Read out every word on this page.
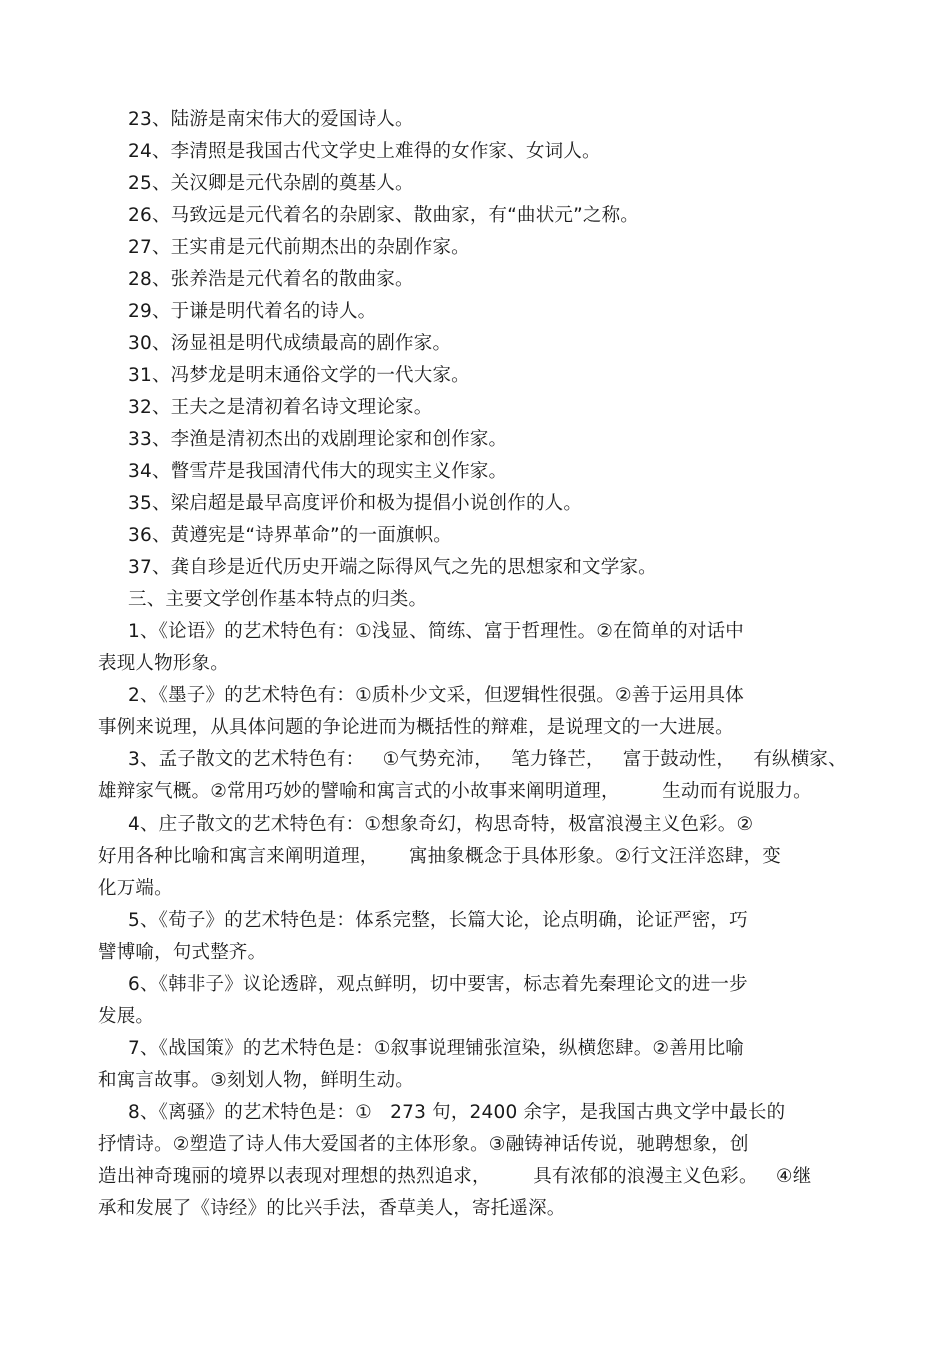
23、陆游是南宋伟大的爱国诗人。
24、李清照是我国古代文学史上难得的女作家、女词人。
25、关汉卿是元代杂剧的奠基人。
26、马致远是元代着名的杂剧家、散曲家，有“曲状元”之称。
27、王实甫是元代前期杰出的杂剧作家。
28、张养浩是元代着名的散曲家。
29、于谦是明代着名的诗人。
30、汤显祖是明代成绩最高的剧作家。
31、冯梦龙是明末通俗文学的一代大家。
32、王夫之是清初着名诗文理论家。
33、李渔是清初杰出的戏剧理论家和创作家。
34、瞥雪芹是我国清代伟大的现实主义作家。
35、梁启超是最早高度评价和极为提倡小说创作的人。
36、黄遵宪是“诗界革命”的一面旗帜。
37、龚自珍是近代历史开端之际得风气之先的思想家和文学家。
三、主要文学创作基本特点的归类。
1、《论语》的艺术特色有：①浅显、简练、富于哲理性。②在简单的对话中
表现人物形象。
2、《墨子》的艺术特色有：①质朴少文采，但逻辑性很强。②善于运用具体
事例来说理，从具体问题的争论进而为概括性的辩难，是说理文的一大进展。
3、孟子散文的艺术特色有：   ①气势充沛，   笔力锋芒，   富于鼓动性，   有纵横家、
雄辩家气概。②常用巧妙的譬喻和寓言式的小故事来阐明道理，       生动而有说服力。
4、庄子散文的艺术特色有：①想象奇幻，构思奇特，极富浪漫主义色彩。②
好用各种比喻和寓言来阐明道理，     寓抽象概念于具体形象。②行文汪洋恣肆，变
化万端。
5、《荀子》的艺术特色是：体系完整，长篇大论，论点明确，论证严密，巧
譬博喻，句式整齐。
6、《韩非子》议论透辟，观点鲜明，切中要害，标志着先秦理论文的进一步
发展。
7、《战国策》的艺术特色是：①叙事说理铺张渲染，纵横您肆。②善用比喻
和寓言故事。③刻划人物，鲜明生动。
8、《离骚》的艺术特色是：①   273 句，2400 余字，是我国古典文学中最长的
抒情诗。②塑造了诗人伟大爱国者的主体形象。③融铸神话传说，驰聘想象，创
造出神奇瑰丽的境界以表现对理想的热烈追求，       具有浓郁的浪漫主义色彩。   ④继
承和发展了《诗经》的比兴手法，香草美人，寄托遥深。
